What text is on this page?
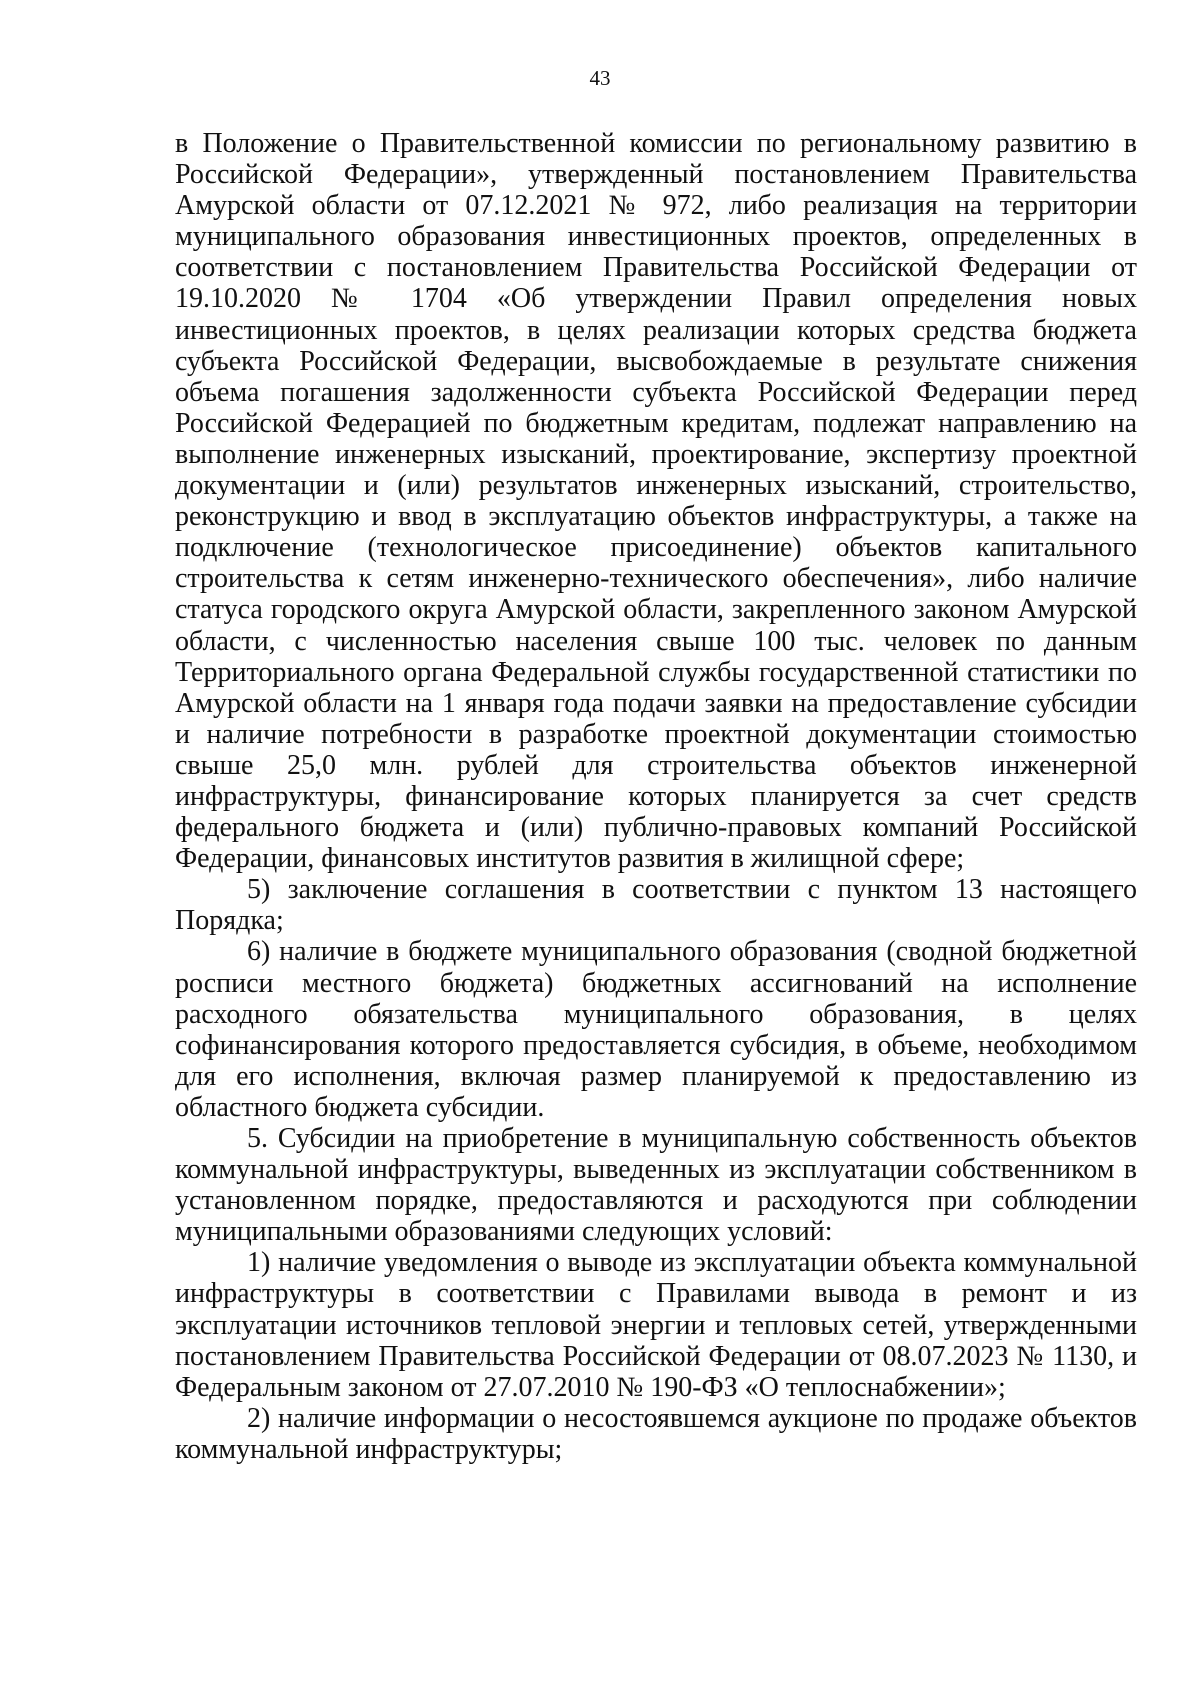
43

в Положение о Правительственной комиссии по региональному развитию в Российской Федерации», утвержденный постановлением Правительства Амурской области от 07.12.2021 № 972, либо реализация на территории муниципального образования инвестиционных проектов, определенных в соответствии с постановлением Правительства Российской Федерации от 19.10.2020 № 1704 «Об утверждении Правил определения новых инвестиционных проектов, в целях реализации которых средства бюджета субъекта Российской Федерации, высвобождаемые в результате снижения объема погашения задолженности субъекта Российской Федерации перед Российской Федерацией по бюджетным кредитам, подлежат направлению на выполнение инженерных изысканий, проектирование, экспертизу проектной документации и (или) результатов инженерных изысканий, строительство, реконструкцию и ввод в эксплуатацию объектов инфраструктуры, а также на подключение (технологическое присоединение) объектов капитального строительства к сетям инженерно-технического обеспечения», либо наличие статуса городского округа Амурской области, закрепленного законом Амурской области, с численностью населения свыше 100 тыс. человек по данным Территориального органа Федеральной службы государственной статистики по Амурской области на 1 января года подачи заявки на предоставление субсидии и наличие потребности в разработке проектной документации стоимостью свыше 25,0 млн. рублей для строительства объектов инженерной инфраструктуры, финансирование которых планируется за счет средств федерального бюджета и (или) публично-правовых компаний Российской Федерации, финансовых институтов развития в жилищной сфере;

5) заключение соглашения в соответствии с пунктом 13 настоящего Порядка;

6) наличие в бюджете муниципального образования (сводной бюджетной росписи местного бюджета) бюджетных ассигнований на исполнение расходного обязательства муниципального образования, в целях софинансирования которого предоставляется субсидия, в объеме, необходимом для его исполнения, включая размер планируемой к предоставлению из областного бюджета субсидии.

5. Субсидии на приобретение в муниципальную собственность объектов коммунальной инфраструктуры, выведенных из эксплуатации собственником в установленном порядке, предоставляются и расходуются при соблюдении муниципальными образованиями следующих условий:

1) наличие уведомления о выводе из эксплуатации объекта коммунальной инфраструктуры в соответствии с Правилами вывода в ремонт и из эксплуатации источников тепловой энергии и тепловых сетей, утвержденными постановлением Правительства Российской Федерации от 08.07.2023 № 1130, и Федеральным законом от 27.07.2010 № 190-ФЗ «О теплоснабжении»;

2) наличие информации о несостоявшемся аукционе по продаже объектов коммунальной инфраструктуры;
